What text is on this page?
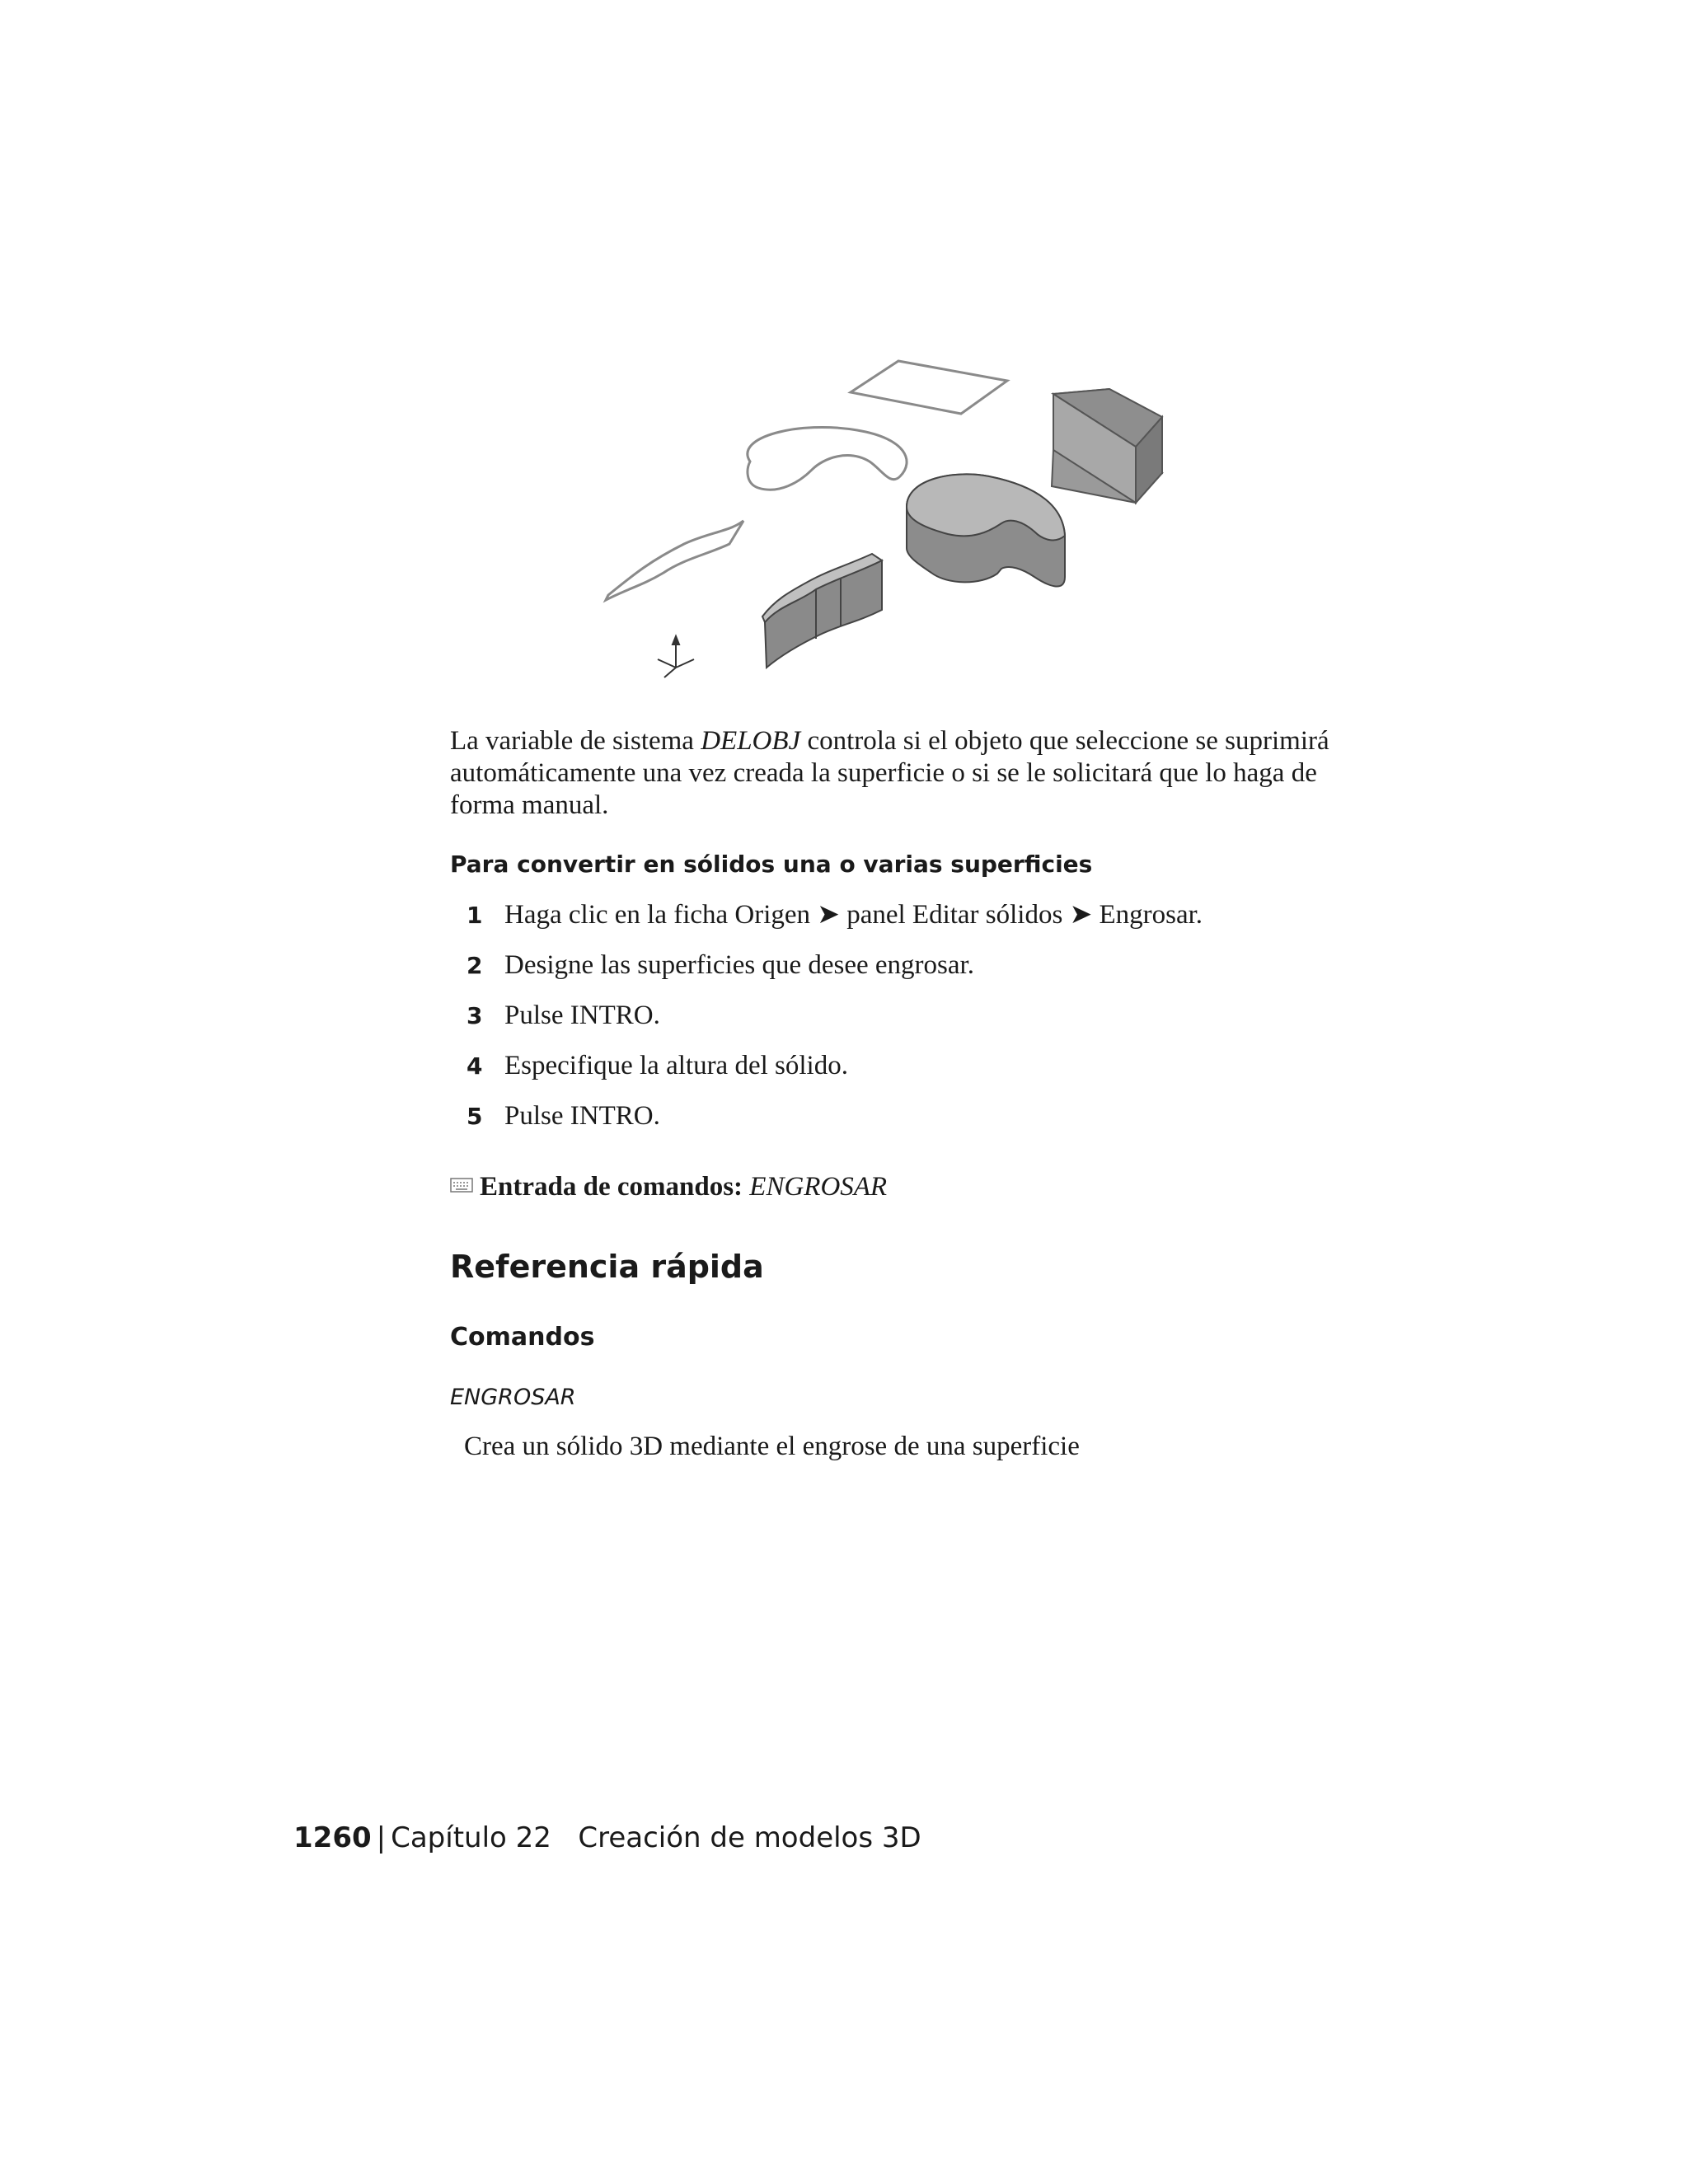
La variable de sistema DELOBJ controla si el objeto que seleccione se suprimirá automáticamente una vez creada la superficie o si se le solicitará que lo haga de forma manual.
Para convertir en sólidos una o varias superficies
1 Haga clic en la ficha Origen ➤ panel Editar sólidos ➤ Engrosar.
2 Designe las superficies que desee engrosar.
3 Pulse INTRO.
4 Especifique la altura del sólido.
5 Pulse INTRO.
Entrada de comandos: ENGROSAR
Referencia rápida
Comandos
ENGROSAR
Crea un sólido 3D mediante el engrose de una superficie
1260 | Capítulo 22 Creación de modelos 3D
